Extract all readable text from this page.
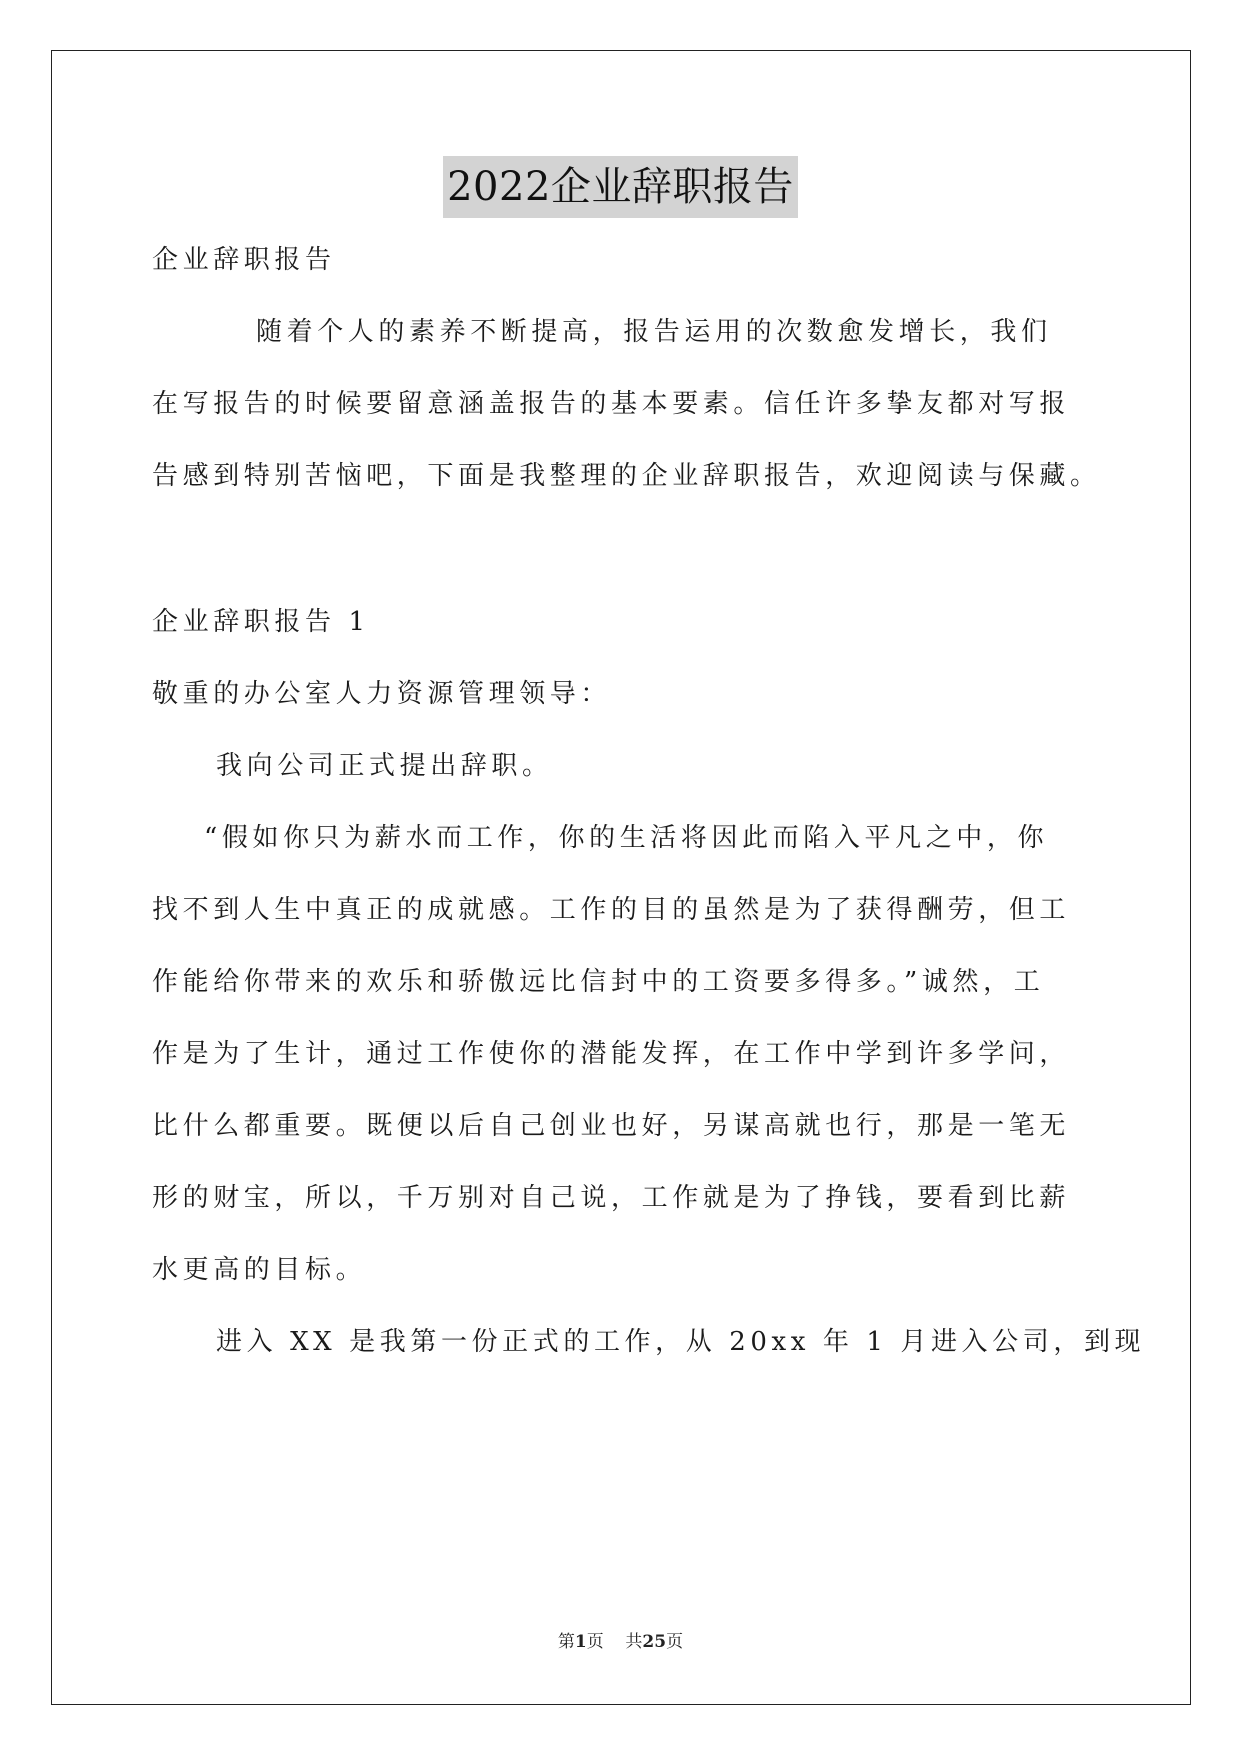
2022企业辞职报告
企业辞职报告
随着个人的素养不断提高，报告运用的次数愈发增长，我们
在写报告的时候要留意涵盖报告的基本要素。信任许多挚友都对写报
告感到特别苦恼吧，下面是我整理的企业辞职报告，欢迎阅读与保藏。
企业辞职报告 1
敬重的办公室人力资源管理领导：
我向公司正式提出辞职。
“假如你只为薪水而工作，你的生活将因此而陷入平凡之中，你
找不到人生中真正的成就感。工作的目的虽然是为了获得酬劳，但工
作能给你带来的欢乐和骄傲远比信封中的工资要多得多。”诚然，工
作是为了生计，通过工作使你的潜能发挥，在工作中学到许多学问，
比什么都重要。既便以后自己创业也好，另谋高就也行，那是一笔无
形的财宝，所以，千万别对自己说，工作就是为了挣钱，要看到比薪
水更高的目标。
进入 XX 是我第一份正式的工作，从 20xx 年 1 月进入公司，到现
第1页 共25页
